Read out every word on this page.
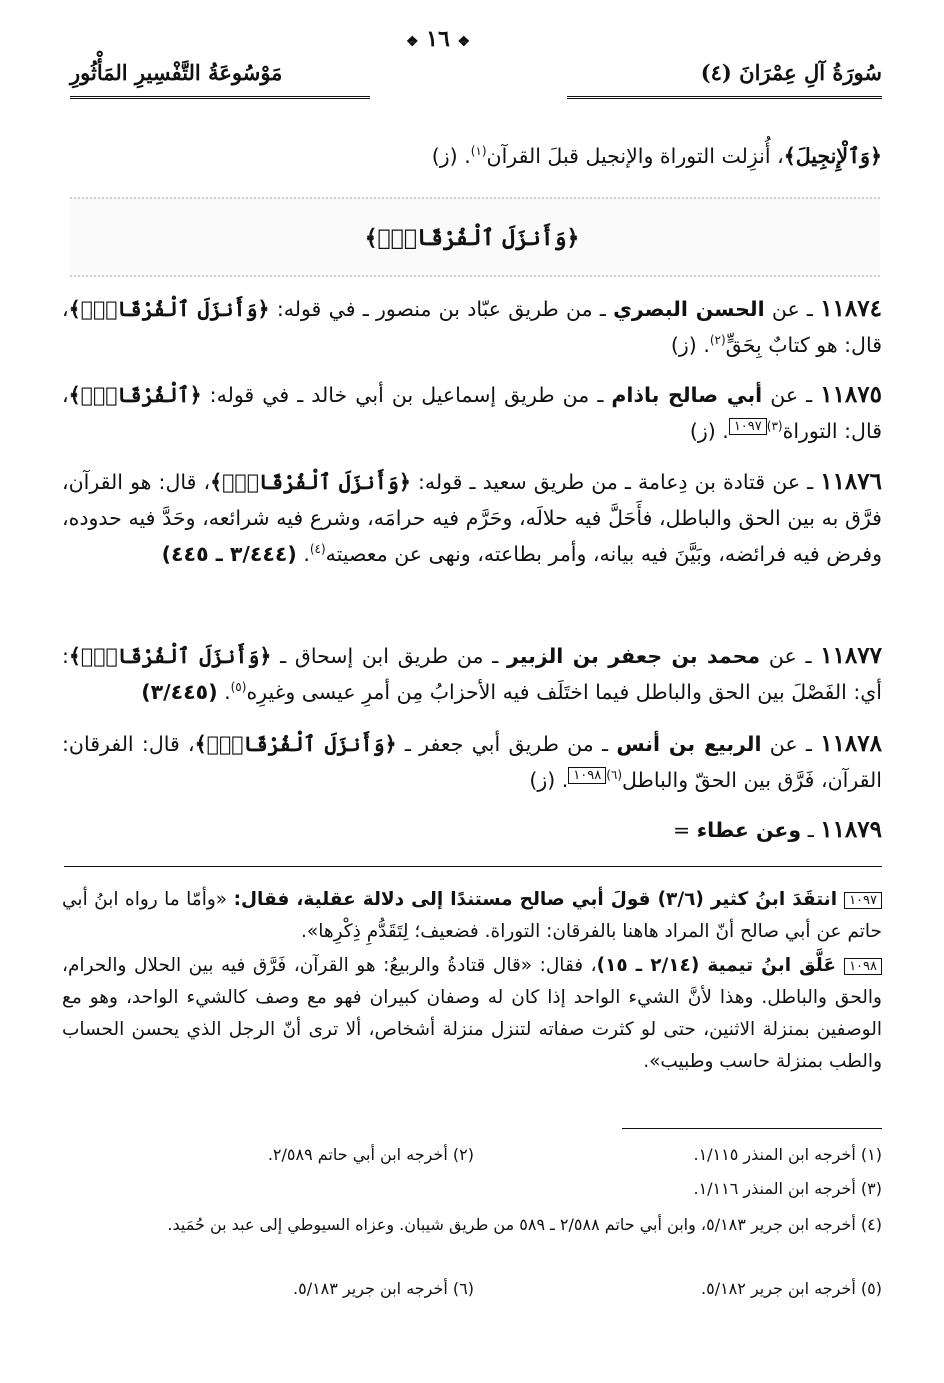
سُورَةُ آلِ عِمْرَانَ (٤)
مَوْسُوعَةُ التَّفْسِيرِ المَأْثُورِ
❖ ١٦ ❖
﴿وَٱلْإِنجِيلَ﴾، أُنزِلت التوراة والإنجيل قبلَ القرآن$^{(١)}$. (ز)
﴿وَأَنزَلَ ٱلْفُرْقَانَۗ﴾
١١٨٧٤ ـ عن الحسن البصري ـ من طريق عبّاد بن منصور ـ في قوله: ﴿وَأَنزَلَ ٱلْفُرْقَانَۗ﴾، قال: هو كتابٌ بِحَقٍّ$^{(٢)}$. (ز)
١١٨٧٥ ـ عن أبي صالح باذام ـ من طريق إسماعيل بن أبي خالد ـ في قوله: ﴿ٱلْفُرْقَانَۗ﴾، قال: التوراة$^{(٣)}$١٠٩٧. (ز)
١١٨٧٦ ـ عن قتادة بن دِعامة ـ من طريق سعيد ـ قوله: ﴿وَأَنزَلَ ٱلْفُرْقَانَۗ﴾، قال: هو القرآن، فرَّق به بين الحق والباطل، فأَحَلَّ فيه حلالَه، وحَرَّم فيه حرامَه، وشرع فيه شرائعه، وحَدَّ فيه حدوده، وفرض فيه فرائضه، وبَيَّنَ فيه بيانه، وأمر بطاعته، ونهى عن معصيته$^{(٤)}$. (٣/٤٤٤ ـ ٤٤٥)
١١٨٧٧ ـ عن محمد بن جعفر بن الزبير ـ من طريق ابن إسحاق ـ ﴿وَأَنزَلَ ٱلْفُرْقَانَۗ﴾: أي: الفَصْلَ بين الحق والباطل فيما اختَلَف فيه الأحزابُ مِن أمرِ عيسى وغيرِه$^{(٥)}$. (٣/٤٤٥)
١١٨٧٨ ـ عن الربيع بن أنس ـ من طريق أبي جعفر ـ ﴿وَأَنزَلَ ٱلْفُرْقَانَۗ﴾، قال: الفرقان: القرآن، فَرَّق بين الحقّ والباطل$^{(٦)}$١٠٩٨. (ز)
١١٨٧٩ ـ وعن عطاء =
١٠٩٧ انتقَدَ ابنُ كثير (٣/٦) قولَ أبي صالح مستندًا إلى دلالة عقلية، فقال: «وأمّا ما رواه ابنُ أبي حاتم عن أبي صالح أنّ المراد هاهنا بالفرقان: التوراة. فضعيف؛ لِتَقَدُّمِ ذِكْرِها».
١٠٩٨ عَلَّق ابنُ تيمية (٢/١٤ ـ ١٥)، فقال: «قال قتادةُ والربيعُ: هو القرآن، فَرَّق فيه بين الحلال والحرام، والحق والباطل. وهذا لأنَّ الشيء الواحد إذا كان له وصفان كبيران فهو مع وصف كالشيء الواحد، وهو مع الوصفين بمنزلة الاثنين، حتى لو كثرت صفاته لتنزل منزلة أشخاص، ألا ترى أنّ الرجل الذي يحسن الحساب والطب بمنزلة حاسب وطبيب».
(١) أخرجه ابن المنذر ١/١١٥.
(٢) أخرجه ابن أبي حاتم ٢/٥٨٩.
(٣) أخرجه ابن المنذر ١/١١٦.
(٤) أخرجه ابن جرير ٥/١٨٣، وابن أبي حاتم ٢/٥٨٨ ـ ٥٨٩ من طريق شيبان. وعزاه السيوطي إلى عبد بن حُمَيد.
(٥) أخرجه ابن جرير ٥/١٨٢.
(٦) أخرجه ابن جرير ٥/١٨٣.
